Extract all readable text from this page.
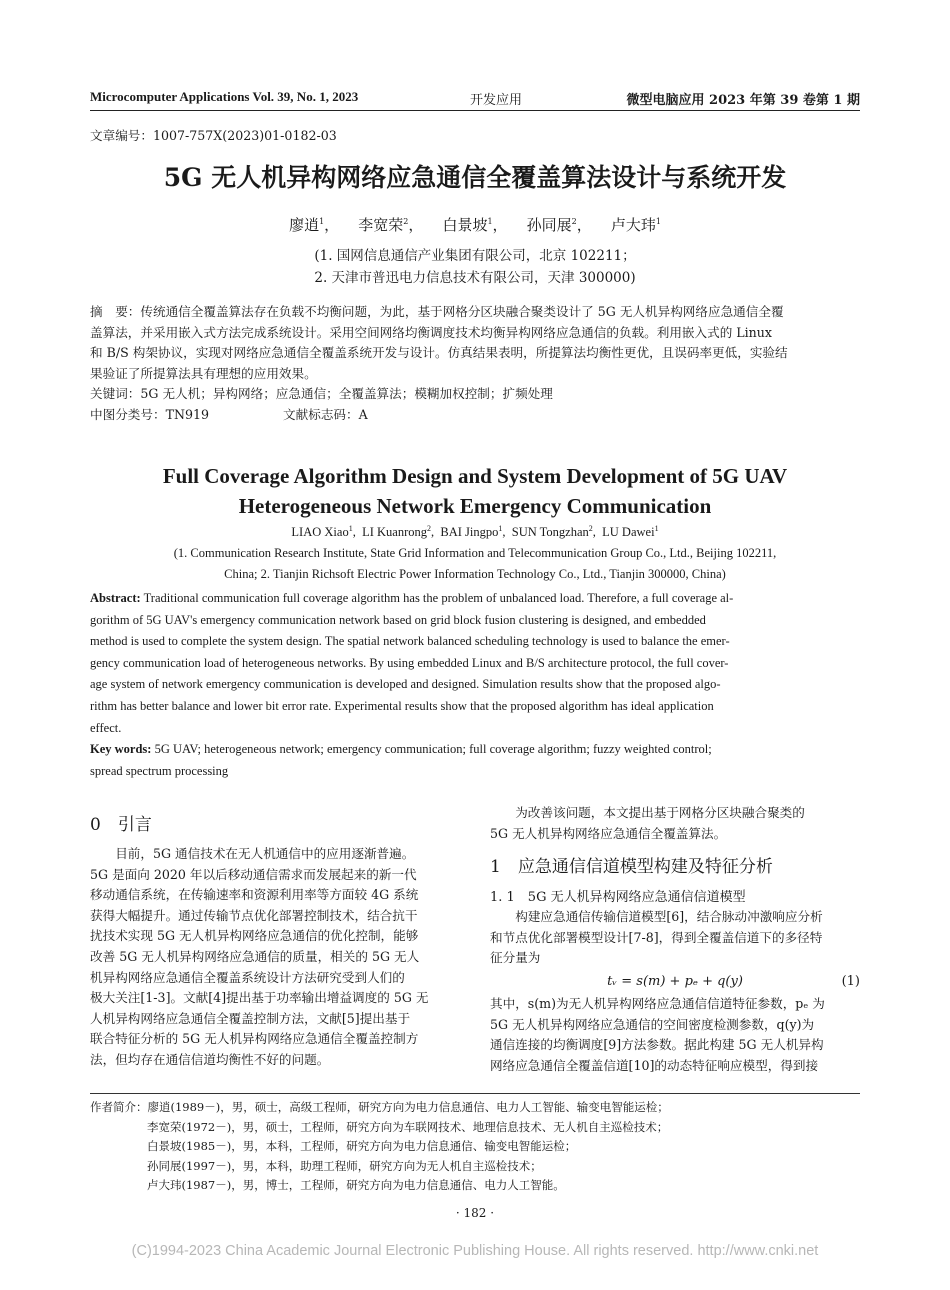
Microcomputer Applications Vol. 39, No. 1, 2023	开发应用	微型电脑应用 2023 年第 39 卷第 1 期
文章编号：1007-757X(2023)01-0182-03
5G 无人机异构网络应急通信全覆盖算法设计与系统开发
廖逍$^1$，    李宽荣$^2$，    白景坡$^1$，    孙同展$^2$，    卢大玮$^1$
(1. 国网信息通信产业集团有限公司，北京 102211；
2. 天津市普迅电力信息技术有限公司，天津 300000)
摘　要：传统通信全覆盖算法存在负载不均衡问题，为此，基于网格分区块融合聚类设计了 5G 无人机异构网络应急通信全覆
盖算法，并采用嵌入式方法完成系统设计。采用空间网络均衡调度技术均衡异构网络应急通信的负载。利用嵌入式的 Linux
和 B/S 构架协议，实现对网络应急通信全覆盖系统开发与设计。仿真结果表明，所提算法均衡性更优，且误码率更低，实验结
果验证了所提算法具有理想的应用效果。
关键词：5G 无人机；异构网络；应急通信；全覆盖算法；模糊加权控制；扩频处理
中图分类号：TN919	文献标志码：A
Full Coverage Algorithm Design and System Development of 5G UAV
Heterogeneous Network Emergency Communication
LIAO Xiao$^1$,  LI Kuanrong$^2$,  BAI Jingpo$^1$,  SUN Tongzhan$^2$,  LU Dawei$^1$
(1. Communication Research Institute, State Grid Information and Telecommunication Group Co., Ltd., Beijing 102211,
China; 2. Tianjin Richsoft Electric Power Information Technology Co., Ltd., Tianjin 300000, China)
Abstract: Traditional communication full coverage algorithm has the problem of unbalanced load. Therefore, a full coverage al-
gorithm of 5G UAV's emergency communication network based on grid block fusion clustering is designed, and embedded
method is used to complete the system design. The spatial network balanced scheduling technology is used to balance the emer-
gency communication load of heterogeneous networks. By using embedded Linux and B/S architecture protocol, the full cover-
age system of network emergency communication is developed and designed. Simulation results show that the proposed algo-
rithm has better balance and lower bit error rate. Experimental results show that the proposed algorithm has ideal application
effect.
Key words: 5G UAV; heterogeneous network; emergency communication; full coverage algorithm; fuzzy weighted control;
spread spectrum processing
0　引言
目前，5G 通信技术在无人机通信中的应用逐渐普遍。
5G 是面向 2020 年以后移动通信需求而发展起来的新一代
移动通信系统，在传输速率和资源利用率等方面较 4G 系统
获得大幅提升。通过传输节点优化部署控制技术，结合抗干
扰技术实现 5G 无人机异构网络应急通信的优化控制，能够
改善 5G 无人机异构网络应急通信的质量，相关的 5G 无人
机异构网络应急通信全覆盖系统设计方法研究受到人们的
极大关注[1-3]。文献[4]提出基于功率输出增益调度的 5G 无
人机异构网络应急通信全覆盖控制方法，文献[5]提出基于
联合特征分析的 5G 无人机异构网络应急通信全覆盖控制方
法，但均存在通信信道均衡性不好的问题。
为改善该问题，本文提出基于网格分区块融合聚类的
5G 无人机异构网络应急通信全覆盖算法。
1　应急通信信道模型构建及特征分析
1. 1　5G 无人机异构网络应急通信信道模型
构建应急通信传输信道模型[6]，结合脉动冲激响应分析
和节点优化部署模型设计[7-8]，得到全覆盖信道下的多径特
征分量为
tᵥ = s(m) + pₑ + q(y)	(1)
其中，s(m)为无人机异构网络应急通信信道特征参数，pₑ 为
5G 无人机异构网络应急通信的空间密度检测参数，q(y)为
通信连接的均衡调度[9]方法参数。据此构建 5G 无人机异构
网络应急通信全覆盖信道[10]的动态特征响应模型，得到接
作者简介：廖逍(1989－)，男，硕士，高级工程师，研究方向为电力信息通信、电力人工智能、输变电智能运检；
李宽荣(1972－)，男，硕士，工程师，研究方向为车联网技术、地理信息技术、无人机自主巡检技术；
白景坡(1985－)，男，本科，工程师，研究方向为电力信息通信、输变电智能运检；
孙同展(1997－)，男，本科，助理工程师，研究方向为无人机自主巡检技术；
卢大玮(1987－)，男，博士，工程师，研究方向为电力信息通信、电力人工智能。
· 182 ·
(C)1994-2023 China Academic Journal Electronic Publishing House. All rights reserved. http://www.cnki.net
